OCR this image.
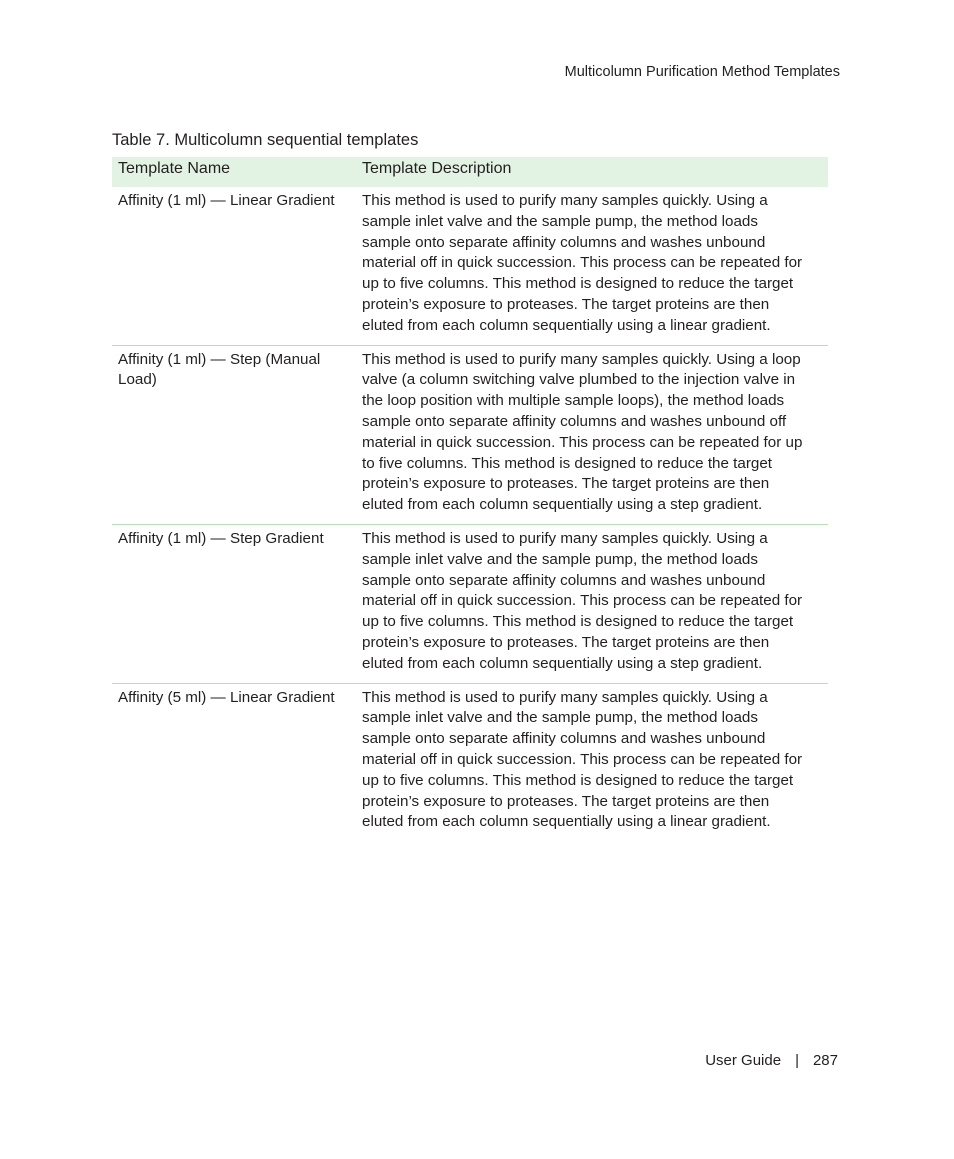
Multicolumn Purification Method Templates
Table 7. Multicolumn sequential templates
Template Name	Template Description
Affinity (1 ml) — Linear Gradient	This method is used to purify many samples quickly. Using a sample inlet valve and the sample pump, the method loads sample onto separate affinity columns and washes unbound material off in quick succession. This process can be repeated for up to five columns. This method is designed to reduce the target protein’s exposure to proteases. The target proteins are then eluted from each column sequentially using a linear gradient.
Affinity (1 ml) — Step (Manual Load)	This method is used to purify many samples quickly. Using a loop valve (a column switching valve plumbed to the injection valve in the loop position with multiple sample loops), the method loads sample onto separate affinity columns and washes unbound off material in quick succession. This process can be repeated for up to five columns. This method is designed to reduce the target protein’s exposure to proteases. The target proteins are then eluted from each column sequentially using a step gradient.
Affinity (1 ml) — Step Gradient	This method is used to purify many samples quickly. Using a sample inlet valve and the sample pump, the method loads sample onto separate affinity columns and washes unbound material off in quick succession. This process can be repeated for up to five columns. This method is designed to reduce the target protein’s exposure to proteases. The target proteins are then eluted from each column sequentially using a step gradient.
Affinity (5 ml) — Linear Gradient	This method is used to purify many samples quickly. Using a sample inlet valve and the sample pump, the method loads sample onto separate affinity columns and washes unbound material off in quick succession. This process can be repeated for up to five columns. This method is designed to reduce the target protein’s exposure to proteases. The target proteins are then eluted from each column sequentially using a linear gradient.
User Guide | 287
